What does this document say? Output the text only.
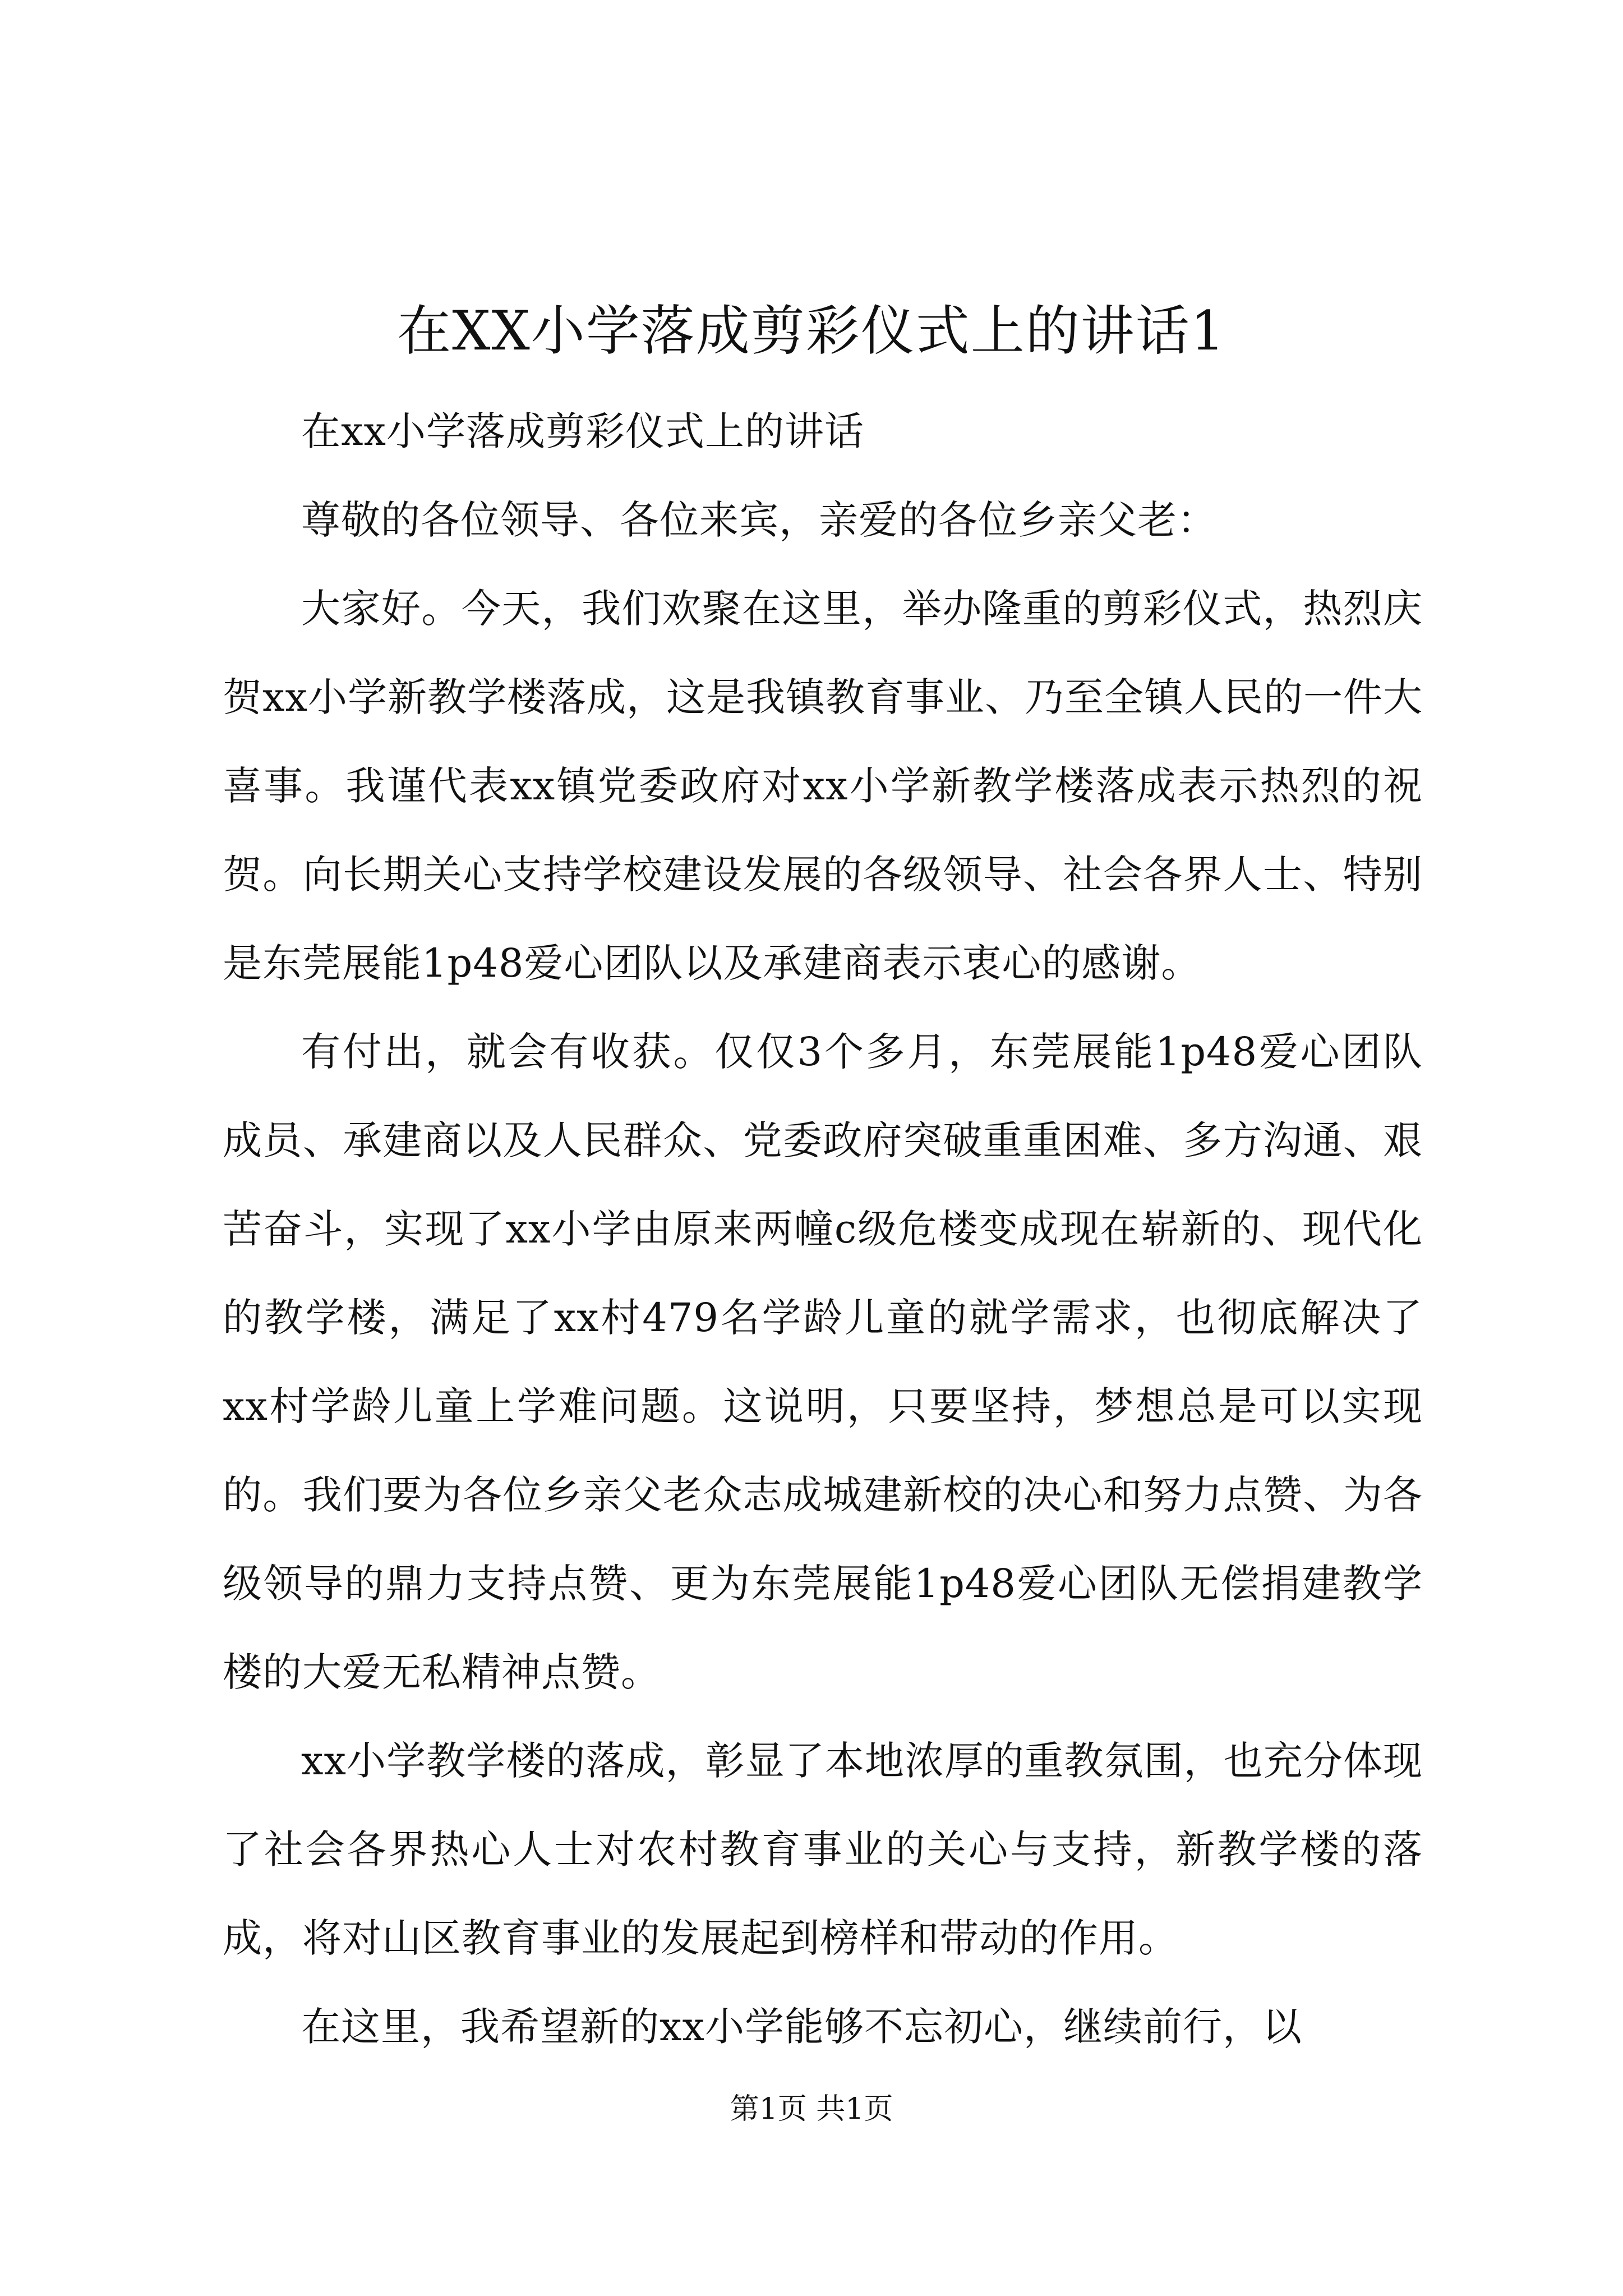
在XX小学落成剪彩仪式上的讲话1

在xx小学落成剪彩仪式上的讲话

尊敬的各位领导、各位来宾，亲爱的各位乡亲父老：

大家好。今天，我们欢聚在这里，举办隆重的剪彩仪式，热烈庆贺xx小学新教学楼落成，这是我镇教育事业、乃至全镇人民的一件大喜事。我谨代表xx镇党委政府对xx小学新教学楼落成表示热烈的祝贺。向长期关心支持学校建设发展的各级领导、社会各界人士、特别是东莞展能1p48爱心团队以及承建商表示衷心的感谢。

有付出，就会有收获。仅仅3个多月，东莞展能1p48爱心团队成员、承建商以及人民群众、党委政府突破重重困难、多方沟通、艰苦奋斗，实现了xx小学由原来两幢c级危楼变成现在崭新的、现代化的教学楼，满足了xx村479名学龄儿童的就学需求，也彻底解决了xx村学龄儿童上学难问题。这说明，只要坚持，梦想总是可以实现的。我们要为各位乡亲父老众志成城建新校的决心和努力点赞、为各级领导的鼎力支持点赞、更为东莞展能1p48爱心团队无偿捐建教学楼的大爱无私精神点赞。

xx小学教学楼的落成，彰显了本地浓厚的重教氛围，也充分体现了社会各界热心人士对农村教育事业的关心与支持，新教学楼的落成，将对山区教育事业的发展起到榜样和带动的作用。

在这里，我希望新的xx小学能够不忘初心，继续前行，以

第1页 共1页
